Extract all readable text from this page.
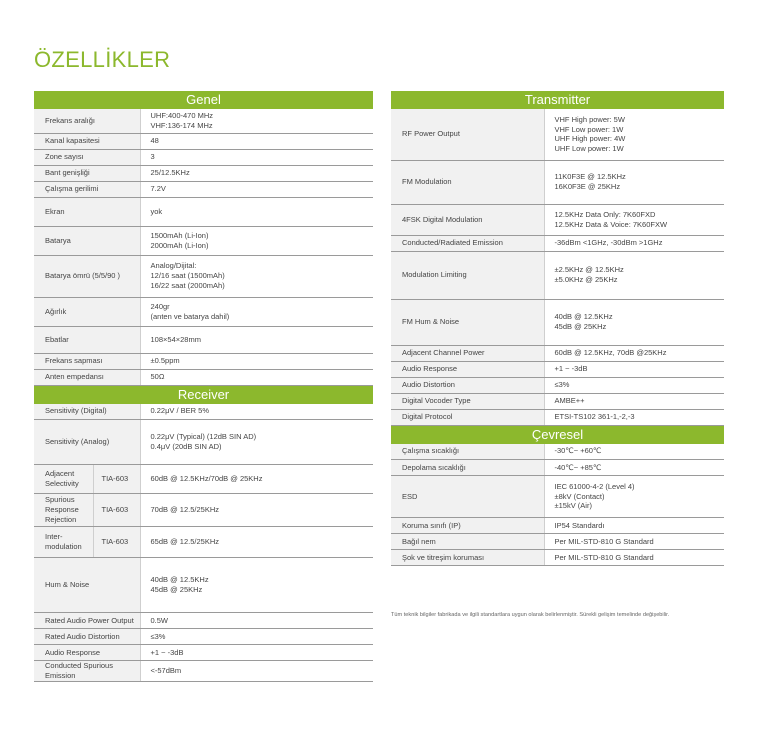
ÖZELLİKLER
Genel
Frekans aralığı	UHF:400-470 MHz
VHF:136-174 MHz

Kanal kapasitesi	48

Zone sayısı	3

Bant genişliği	25/12.5KHz

Çalışma gerilimi	7.2V

Ekran	yok

Batarya	1500mAh (Li-Ion)
2000mAh (Li-Ion)

Batarya ömrü (5/5/90 )	Analog/Dijital:
12/16 saat (1500mAh)
16/22 saat (2000mAh)

Ağırlık	240gr
(anten ve batarya dahil)

Ebatlar	108×54×28mm

Frekans sapması	±0.5ppm

Anten empedansı	50Ω
Receiver
Sensitivity (Digital)		0.22μV / BER 5%

Sensitivity (Analog)		0.22μV (Typical) (12dB SIN AD)
0.4μV (20dB SIN AD)

Adjacent Selectivity	TIA-603	60dB @ 12.5KHz/70dB @ 25KHz

Spurious Response Rejection	TIA-603	70dB @ 12.5/25KHz

Inter-modulation	TIA-603	65dB @ 12.5/25KHz

Hum & Noise		40dB @ 12.5KHz
45dB @ 25KHz

Rated Audio Power Output		0.5W

Rated Audio Distortion		≤3%

Audio Response		+1 ~ -3dB

Conducted Spurious Emission		<-57dBm
Transmitter
RF Power Output	VHF High power: 5W
VHF Low power: 1W
UHF High power: 4W
UHF Low power: 1W

FM Modulation	11K0F3E @ 12.5KHz
16K0F3E @ 25KHz

4FSK Digital Modulation	12.5KHz Data Only: 7K60FXD
12.5KHz Data & Voice: 7K60FXW

Conducted/Radiated Emission	-36dBm <1GHz, -30dBm >1GHz

Modulation Limiting	±2.5KHz @ 12.5KHz
±5.0KHz @ 25KHz

FM Hum & Noise	40dB @ 12.5KHz
45dB @ 25KHz

Adjacent Channel Power	60dB @ 12.5KHz, 70dB @25KHz

Audio Response	+1 ~ -3dB

Audio Distortion	≤3%

Digital Vocoder Type	AMBE++

Digital Protocol	ETSI-TS102 361-1,-2,-3
Çevresel
Çalışma sıcaklığı	-30℃~ +60℃

Depolama sıcaklığı	-40℃~ +85℃

ESD	IEC 61000-4-2 (Level 4)
±8kV (Contact)
±15kV (Air)

Koruma sınıfı (IP)	IP54 Standardı

Bağıl nem	Per MIL-STD-810 G Standard

Şok ve titreşim koruması	Per MIL-STD-810 G Standard
Tüm teknik bilgiler fabrikada ve ilgili standartlara uygun olarak belirlenmiştir. Sürekli gelişim temelinde değişebilir.
